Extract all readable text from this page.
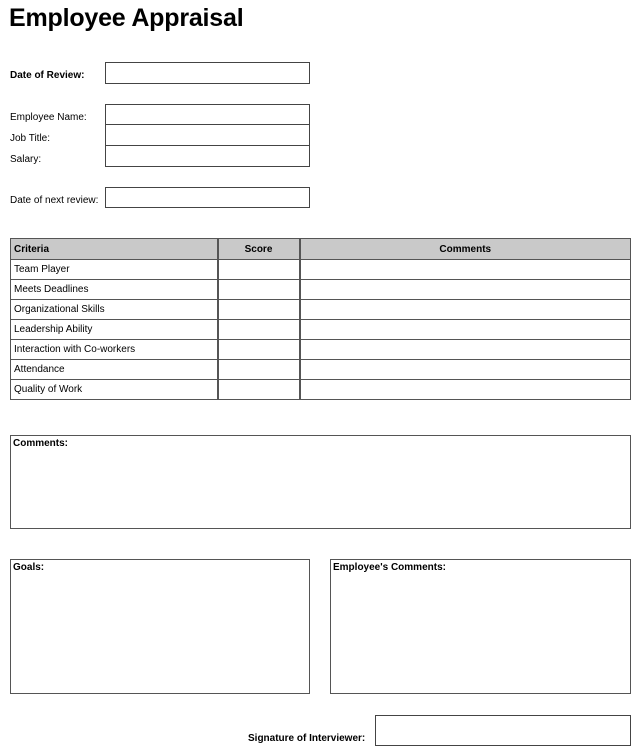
Employee Appraisal
Date of Review:
Employee Name:
Job Title:
Salary:
Date of next review:
Criteria	Score	Comments
Team Player		
Meets Deadlines		
Organizational Skills		
Leadership Ability		
Interaction with Co-workers		
Attendance		
Quality of Work		
Comments:
Goals:	Employee's Comments:
Signature of Interviewer:
